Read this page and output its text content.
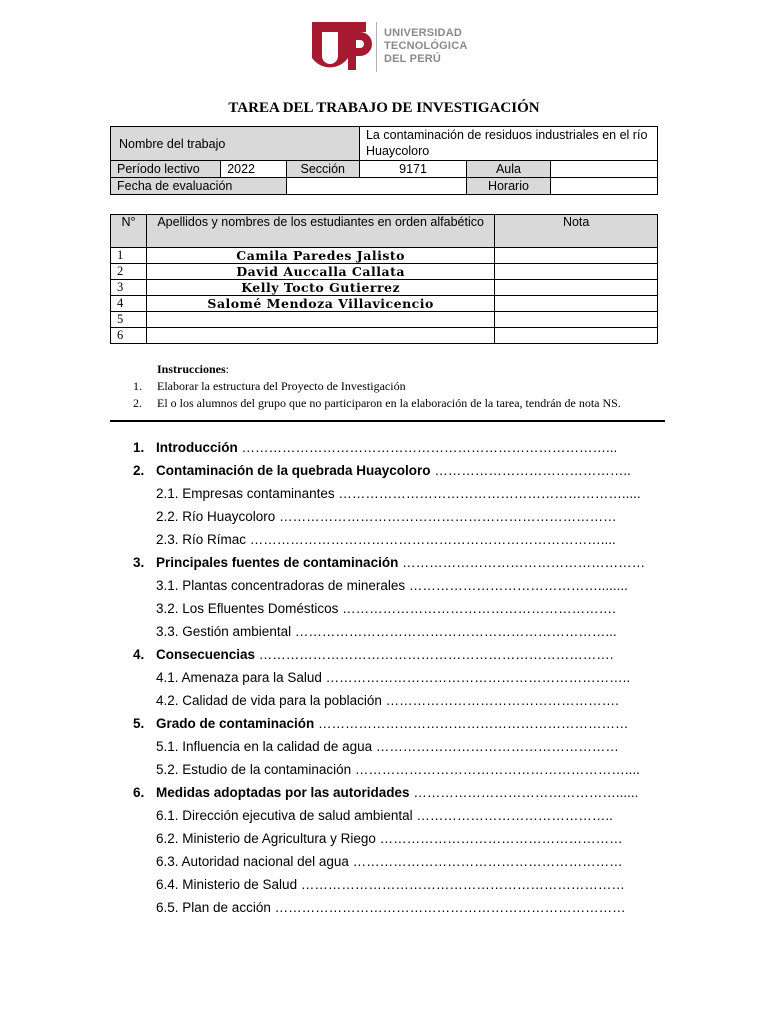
UNIVERSIDAD
TECNOLÓGICA
DEL PERÚ
TAREA DEL TRABAJO DE INVESTIGACIÓN
Nombre del trabajo			La contaminación de residuos industriales en el río Huaycoloro		
Período lectivo	2022	Sección	9171	Aula	
Fecha de evaluación				Horario	
N°	Apellidos y nombres de los estudiantes en orden alfabético	Nota
1	Camila Paredes Jalisto	
2	David Auccalla Callata	
3	Kelly Tocto Gutierrez	
4	Salomé Mendoza Villavicencio	
5		
6		
Instrucciones:
1.	Elaborar la estructura del Proyecto de Investigación
2.	El o los alumnos del grupo que no participaron en la elaboración de la tarea, tendrán de nota NS.
1. Introducción ………………………………………………………………………...
2. Contaminación de la quebrada Huaycoloro ……………………………………..
2.1. Empresas contaminantes ……………………………………………………….....
2.2. Río Huaycoloro …………………………………………………………………
2.3. Río Rímac ……………………………………………………………………....
3. Principales fuentes de contaminación ………………………………………………
3.1. Plantas concentradoras de minerales ……………………………………........
3.2. Los Efluentes Domésticos …………………………………………………….
3.3. Gestión ambiental ……………………………………………………………...
4. Consecuencias …………………………………………………………………….
4.1. Amenaza para la Salud …………………………………………………………..
4.2. Calidad de vida para la población …………………………………………….
5. Grado de contaminación ……………………………………………………………
5.1. Influencia en la calidad de agua ………………………………………………
5.2. Estudio de la contaminación ……………………………………………………....
6. Medidas adoptadas por las autoridades ………………………………………......
6.1. Dirección ejecutiva de salud ambiental ……………………………………..
6.2. Ministerio de Agricultura y Riego ………………………………………………
6.3. Autoridad nacional del agua ……………………………………………………
6.4. Ministerio de Salud ………………………………………………………………
6.5. Plan de acción ……………………………………………………………………
